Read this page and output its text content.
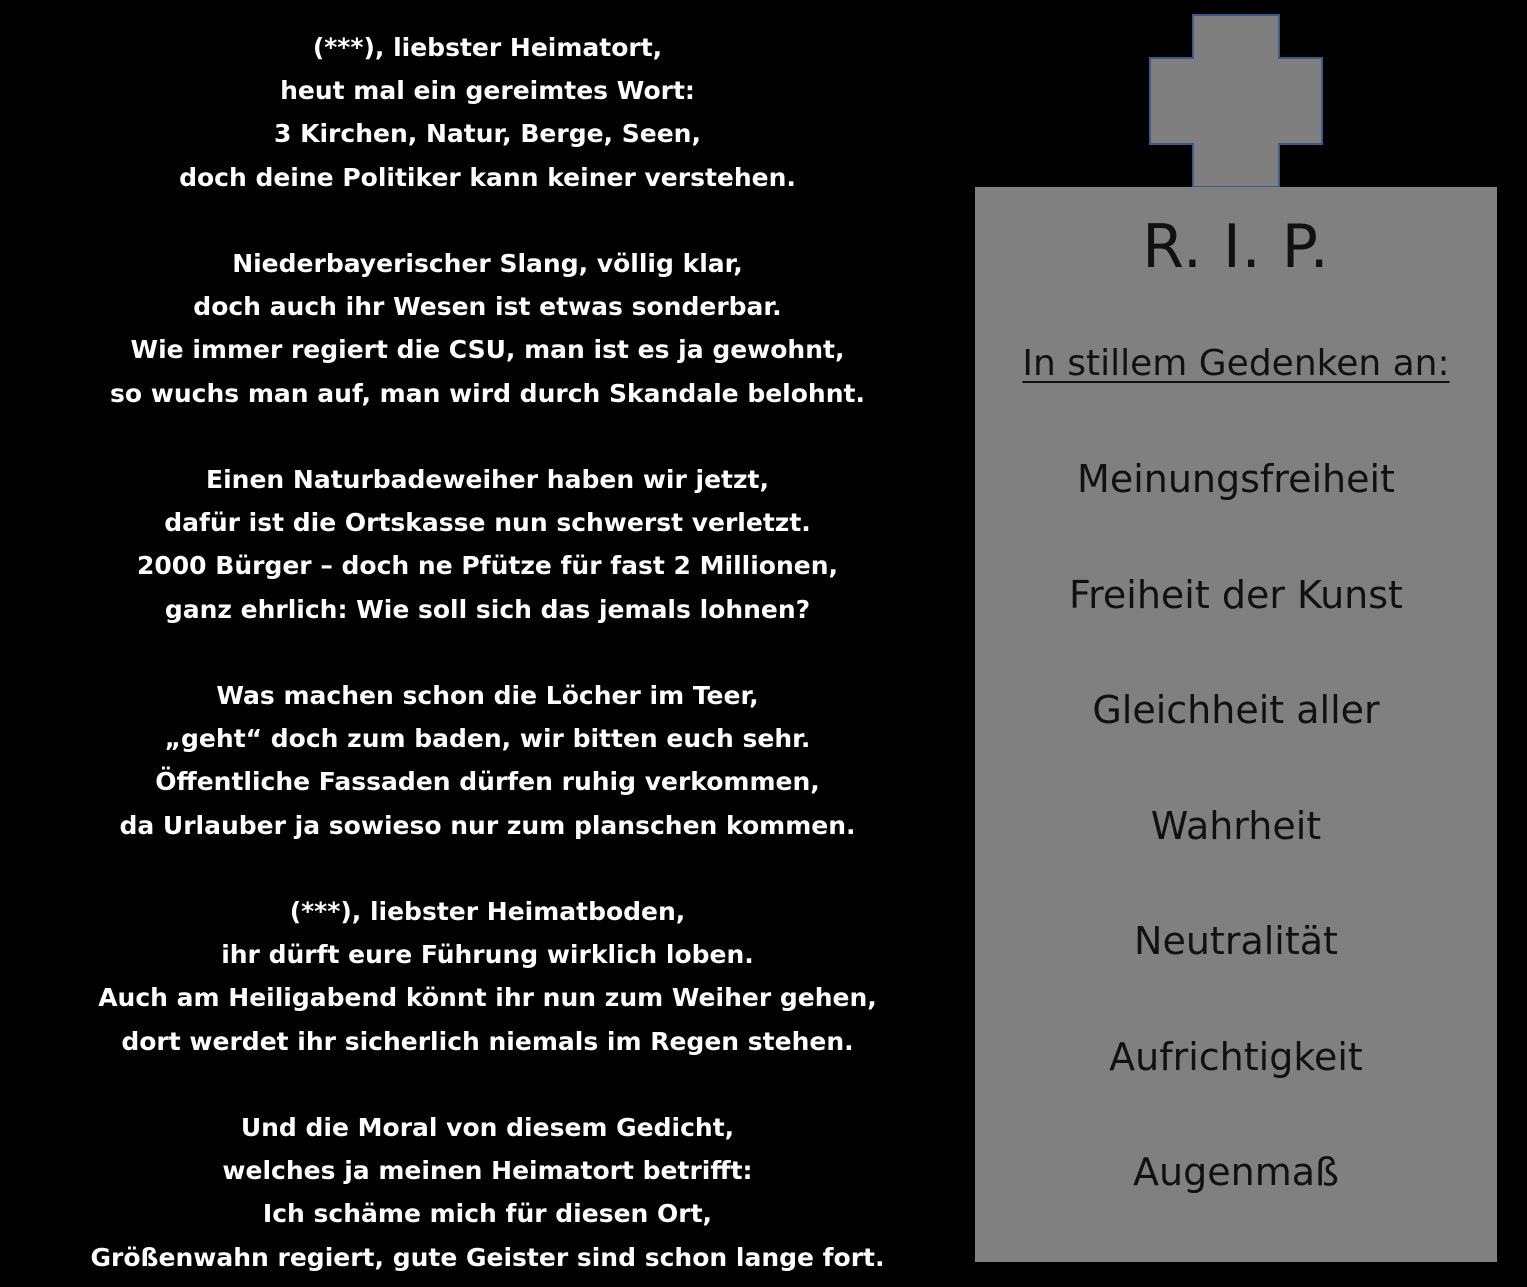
(***), liebster Heimatort,
heut mal ein gereimtes Wort:
3 Kirchen, Natur, Berge, Seen,
doch deine Politiker kann keiner verstehen.
Niederbayerischer Slang, völlig klar,
doch auch ihr Wesen ist etwas sonderbar.
Wie immer regiert die CSU, man ist es ja gewohnt,
so wuchs man auf, man wird durch Skandale belohnt.
Einen Naturbadeweiher haben wir jetzt,
dafür ist die Ortskasse nun schwerst verletzt.
2000 Bürger – doch ne Pfütze für fast 2 Millionen,
ganz ehrlich: Wie soll sich das jemals lohnen?
Was machen schon die Löcher im Teer,
„geht“ doch zum baden, wir bitten euch sehr.
Öffentliche Fassaden dürfen ruhig verkommen,
da Urlauber ja sowieso nur zum planschen kommen.
(***), liebster Heimatboden,
ihr dürft eure Führung wirklich loben.
Auch am Heiligabend könnt ihr nun zum Weiher gehen,
dort werdet ihr sicherlich niemals im Regen stehen.
Und die Moral von diesem Gedicht,
welches ja meinen Heimatort betrifft:
Ich schäme mich für diesen Ort,
Größenwahn regiert, gute Geister sind schon lange fort.
R. I. P.
In stillem Gedenken an:
Meinungsfreiheit
Freiheit der Kunst
Gleichheit aller
Wahrheit
Neutralität
Aufrichtigkeit
Augenmaß
